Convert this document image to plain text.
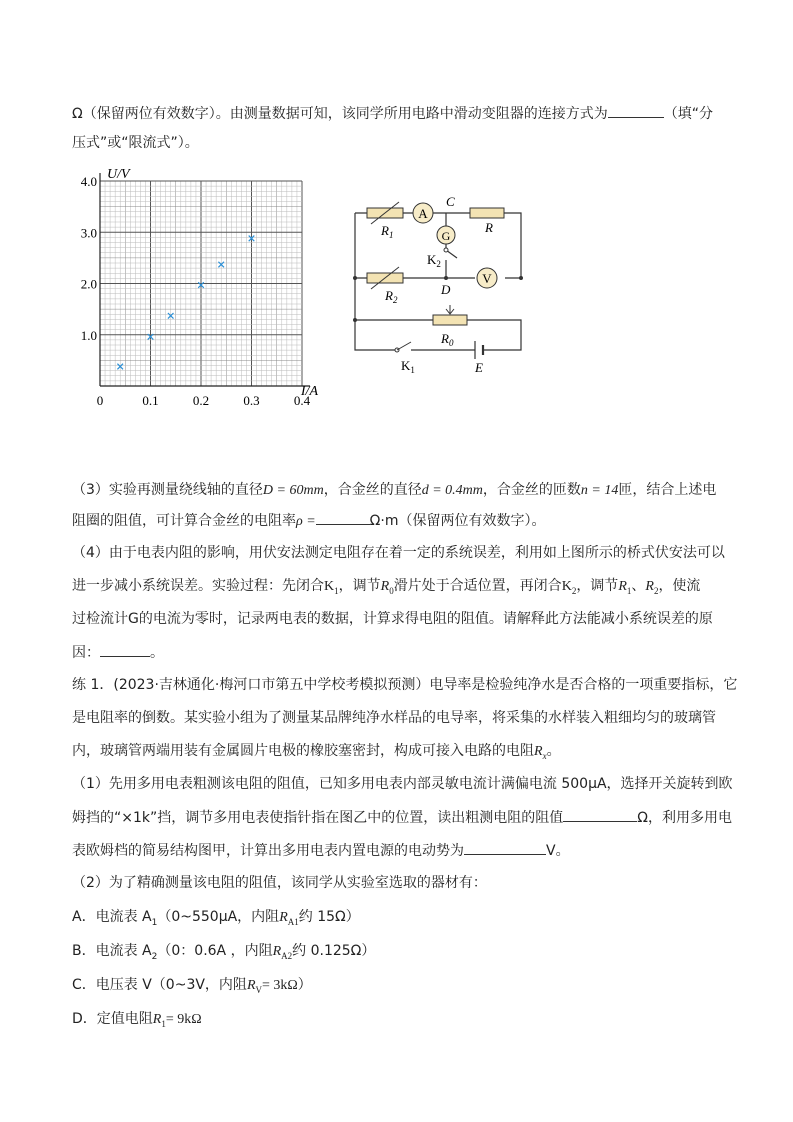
Ω（保留两位有效数字）。由测量数据可知，该同学所用电路中滑动变阻器的连接方式为	（填“分
压式”或“限流式”）。
0	0.1	0.2	0.3	0.4
1.0
2.0
3.0
4.0 U/V
I/A
A
C
R
$R_1$	G
$K_2$
$R_2$
D
V
$R_0$
$K_1$	E
（3）实验再测量绕线轴的直径D = 60mm，合金丝的直径d = 0.4mm，合金丝的匝数n = 14匝，结合上述电
阻圈的阻值，可计算合金丝的电阻率ρ =	Ω·m（保留两位有效数字）。
（4）由于电表内阻的影响，用伏安法测定电阻存在着一定的系统误差，利用如上图所示的桥式伏安法可以
进一步减小系统误差。实验过程：先闭合$K_1$，调节$R_0$滑片处于合适位置，再闭合$K_2$，调节$R_1$、$R_2$，使流
过检流计G的电流为零时，记录两电表的数据，计算求得电阻的阻值。请解释此方法能减小系统误差的原
因：	。
练 1．(2023·吉林通化·梅河口市第五中学校考模拟预测）电导率是检验纯净水是否合格的一项重要指标，它
是电阻率的倒数。某实验小组为了测量某品牌纯净水样品的电导率，将采集的水样装入粗细均匀的玻璃管
内，玻璃管两端用装有金属圆片电极的橡胶塞密封，构成可接入电路的电阻$R_x$。
（1）先用多用电表粗测该电阻的阻值，已知多用电表内部灵敏电流计满偏电流 500μA，选择开关旋转到欧
姆挡的“×1k”挡，调节多用电表使指针指在图乙中的位置，读出粗测电阻的阻值	Ω，利用多用电
表欧姆档的简易结构图甲，计算出多用电表内置电源的电动势为	V。
（2）为了精确测量该电阻的阻值，该同学从实验室选取的器材有：
A．电流表 $A_1(0\sim 550\mu A$，内阻$R_{A1}$约 15Ω）
B．电流表 $A_2(0$：0.6A ，内阻$R_{A2}$约 0.125Ω）
C．电压表 V（0~3V，内阻$R_V= 3k\Omega$）
D．定值电阻$R_1= 9k\Omega$
